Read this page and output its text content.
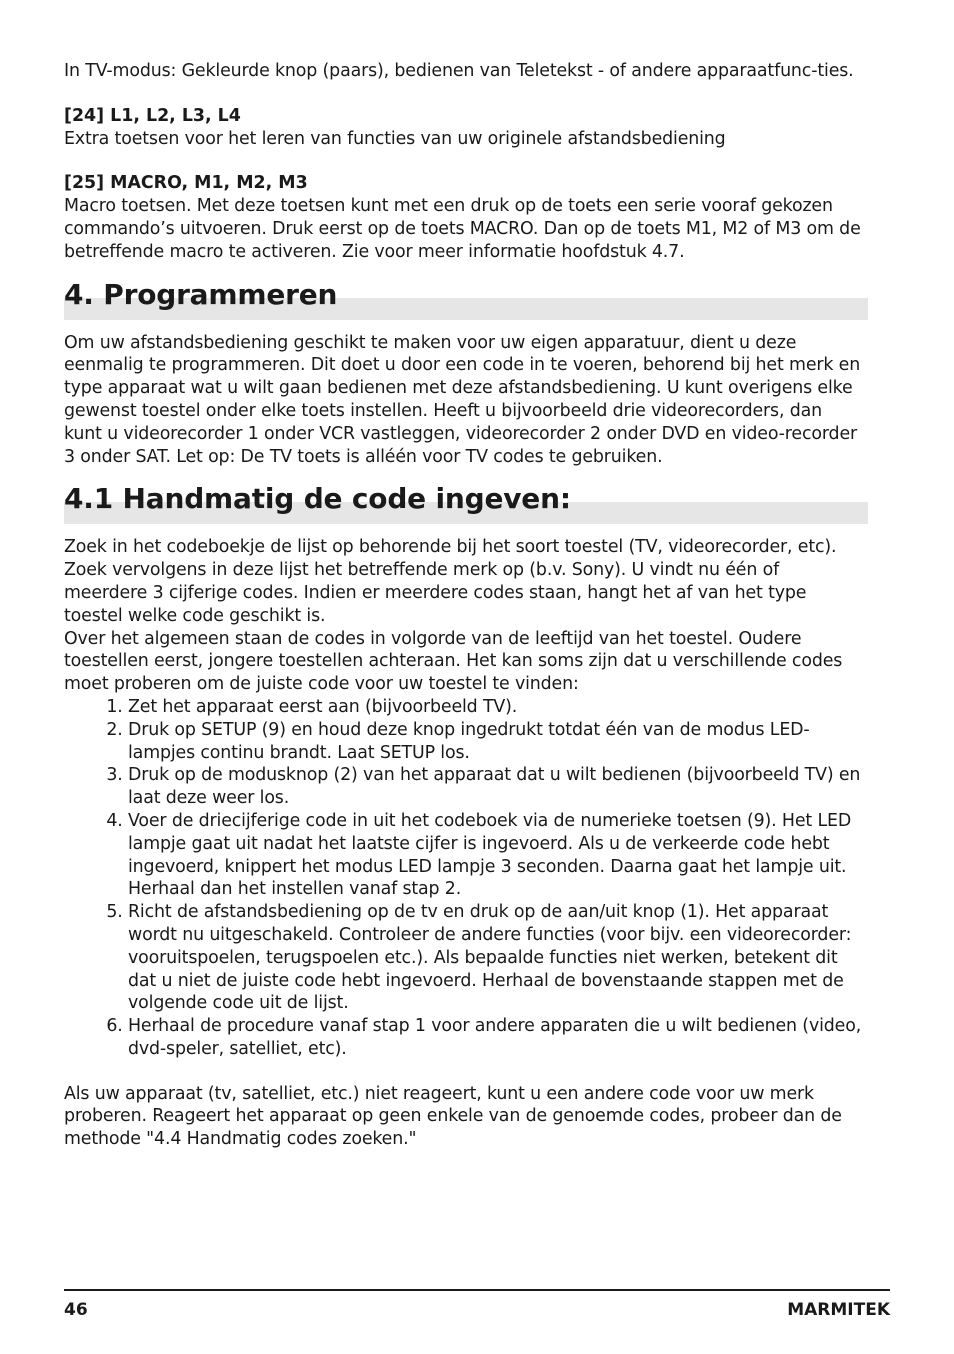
In TV-modus: Gekleurde knop (paars), bedienen van Teletekst - of andere apparaatfunc-ties.

[24] L1, L2, L3, L4

Extra toetsen voor het leren van functies van uw originele afstandsbediening

[25] MACRO, M1, M2, M3

Macro toetsen. Met deze toetsen kunt met een druk op de toets een serie vooraf gekozen commando’s uitvoeren. Druk eerst op de toets MACRO. Dan op de toets M1, M2 of M3 om de betreffende macro te activeren. Zie voor meer informatie hoofdstuk 4.7.

4. Programmeren

Om uw afstandsbediening geschikt te maken voor uw eigen apparatuur, dient u deze eenmalig te programmeren. Dit doet u door een code in te voeren, behorend bij het merk en type apparaat wat u wilt gaan bedienen met deze afstandsbediening. U kunt overigens elke gewenst toestel onder elke toets instellen. Heeft u bijvoorbeeld drie videorecorders, dan kunt u videorecorder 1 onder VCR vastleggen, videorecorder 2 onder DVD en video-recorder 3 onder SAT. Let op: De TV toets is alléén voor TV codes te gebruiken.

4.1 Handmatig de code ingeven:

Zoek in het codeboekje de lijst op behorende bij het soort toestel (TV, videorecorder, etc). Zoek vervolgens in deze lijst het betreffende merk op (b.v. Sony). U vindt nu één of meerdere 3 cijferige codes. Indien er meerdere codes staan, hangt het af van het type toestel welke code geschikt is.

Over het algemeen staan de codes in volgorde van de leeftijd van het toestel. Oudere toestellen eerst, jongere toestellen achteraan. Het kan soms zijn dat u verschillende codes moet proberen om de juiste code voor uw toestel te vinden:

1. Zet het apparaat eerst aan (bijvoorbeeld TV).
2. Druk op SETUP (9) en houd deze knop ingedrukt totdat één van de modus LED-lampjes continu brandt. Laat SETUP los.
3. Druk op de modusknop (2) van het apparaat dat u wilt bedienen (bijvoorbeeld TV) en laat deze weer los.
4. Voer de driecijferige code in uit het codeboek via de numerieke toetsen (9). Het LED lampje gaat uit nadat het laatste cijfer is ingevoerd. Als u de verkeerde code hebt ingevoerd, knippert het modus LED lampje 3 seconden. Daarna gaat het lampje uit. Herhaal dan het instellen vanaf stap 2.
5. Richt de afstandsbediening op de tv en druk op de aan/uit knop (1). Het apparaat wordt nu uitgeschakeld. Controleer de andere functies (voor bijv. een videorecorder: vooruitspoelen, terugspoelen etc.). Als bepaalde functies niet werken, betekent dit dat u niet de juiste code hebt ingevoerd. Herhaal de bovenstaande stappen met de volgende code uit de lijst.
6. Herhaal de procedure vanaf stap 1 voor andere apparaten die u wilt bedienen (video, dvd-speler, satelliet, etc).

Als uw apparaat (tv, satelliet, etc.) niet reageert, kunt u een andere code voor uw merk proberen. Reageert het apparaat op geen enkele van de genoemde codes, probeer dan de methode "4.4 Handmatig codes zoeken."

46	MARMITEK
